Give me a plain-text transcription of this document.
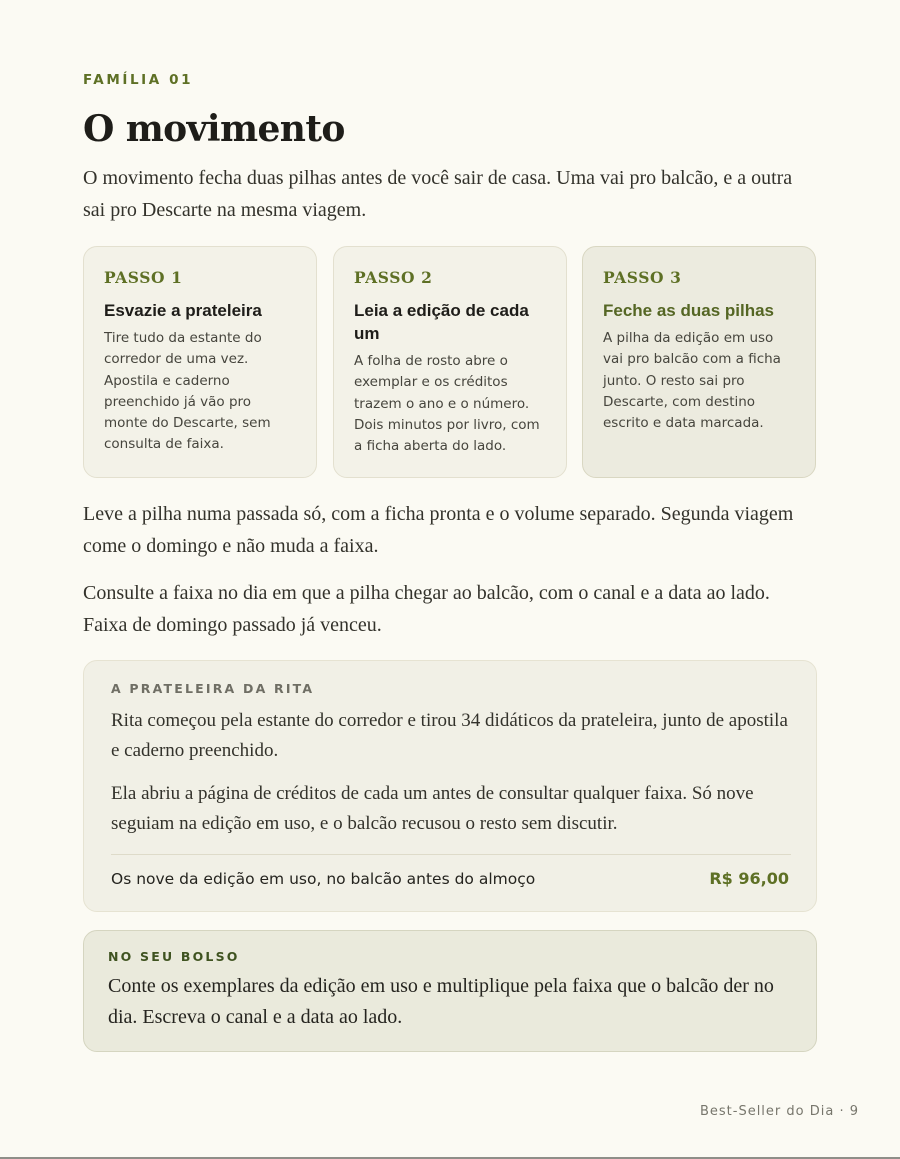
FAMÍLIA 01
O movimento

O movimento fecha duas pilhas antes de você sair de casa. Uma vai pro balcão, e a outra sai pro Descarte na mesma viagem.

PASSO 1
Esvazie a prateleira
Tire tudo da estante do corredor de uma vez. Apostila e caderno preenchido já vão pro monte do Descarte, sem consulta de faixa.
PASSO 2
Leia a edição de cada um
A folha de rosto abre o exemplar e os créditos trazem o ano e o número. Dois minutos por livro, com a ficha aberta do lado.
PASSO 3
Feche as duas pilhas
A pilha da edição em uso vai pro balcão com a ficha junto. O resto sai pro Descarte, com destino escrito e data marcada.

Leve a pilha numa passada só, com a ficha pronta e o volume separado. Segunda viagem come o domingo e não muda a faixa.

Consulte a faixa no dia em que a pilha chegar ao balcão, com o canal e a data ao lado. Faixa de domingo passado já venceu.

A PRATELEIRA DA RITA

Rita começou pela estante do corredor e tirou 34 didáticos da prateleira, junto de apostila e caderno preenchido.

Ela abriu a página de créditos de cada um antes de consultar qualquer faixa. Só nove seguiam na edição em uso, e o balcão recusou o resto sem discutir.

Os nove da edição em uso, no balcão antes do almoço	R$ 96,00
NO SEU BOLSO

Conte os exemplares da edição em uso e multiplique pela faixa que o balcão der no dia. Escreva o canal e a data ao lado.

Best-Seller do Dia · 9
